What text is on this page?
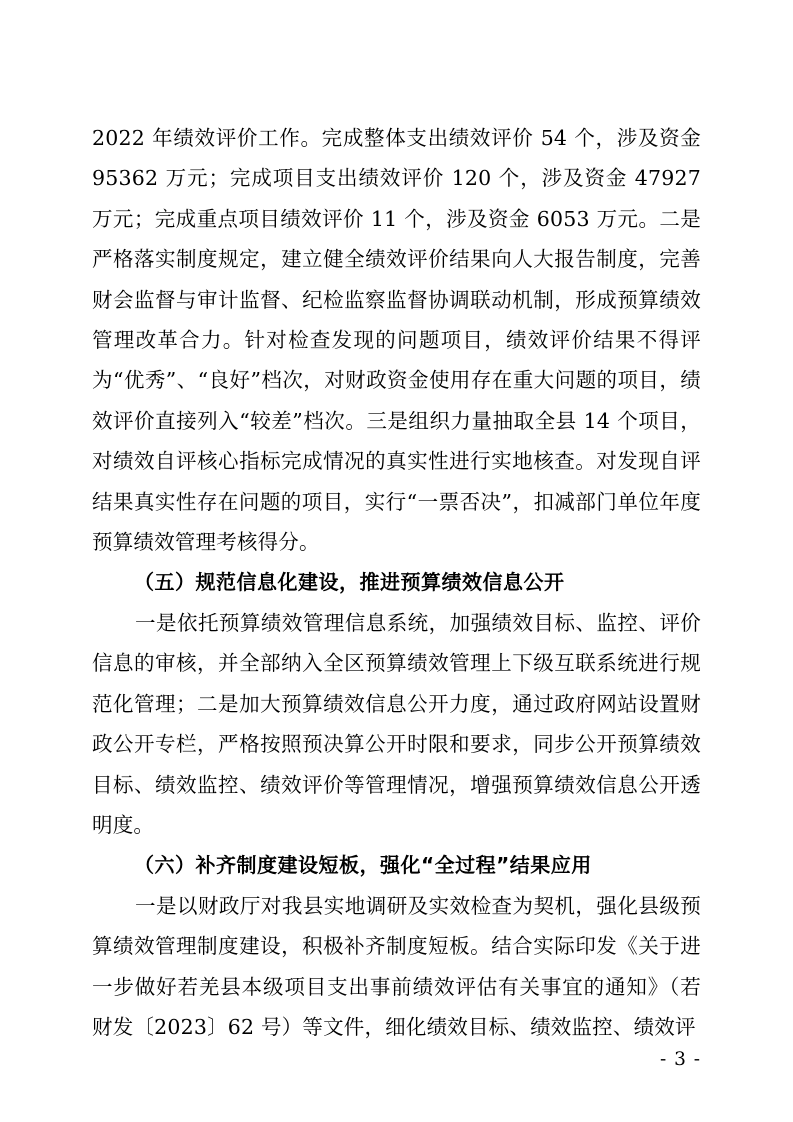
2022 年绩效评价工作。完成整体支出绩效评价 54 个，涉及资金 95362 万元；完成项目支出绩效评价 120 个，涉及资金 47927 万元；完成重点项目绩效评价 11 个，涉及资金 6053 万元。二是严格落实制度规定，建立健全绩效评价结果向人大报告制度，完善财会监督与审计监督、纪检监察监督协调联动机制，形成预算绩效管理改革合力。针对检查发现的问题项目，绩效评价结果不得评为“优秀”、“良好”档次，对财政资金使用存在重大问题的项目，绩效评价直接列入“较差”档次。三是组织力量抽取全县 14 个项目，对绩效自评核心指标完成情况的真实性进行实地核查。对发现自评结果真实性存在问题的项目，实行“一票否决”，扣减部门单位年度预算绩效管理考核得分。

（五）规范信息化建设，推进预算绩效信息公开

一是依托预算绩效管理信息系统，加强绩效目标、监控、评价信息的审核，并全部纳入全区预算绩效管理上下级互联系统进行规范化管理；二是加大预算绩效信息公开力度，通过政府网站设置财政公开专栏，严格按照预决算公开时限和要求，同步公开预算绩效目标、绩效监控、绩效评价等管理情况，增强预算绩效信息公开透明度。

（六）补齐制度建设短板，强化“全过程”结果应用

一是以财政厅对我县实地调研及实效检查为契机，强化县级预算绩效管理制度建设，积极补齐制度短板。结合实际印发《关于进一步做好若羌县本级项目支出事前绩效评估有关事宜的通知》（若财发〔2023〕62 号）等文件，细化绩效目标、绩效监控、绩效评

- 3 -
